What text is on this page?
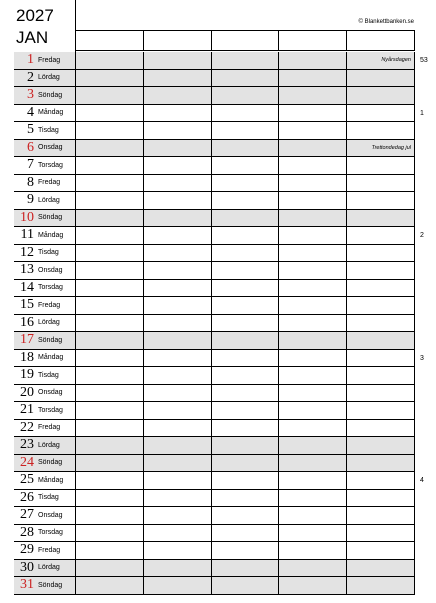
2027
JAN
© Blankettbanken.se
1 Fredag	Nyårsdagen
2 Lördag
3 Söndag
4 Måndag
5 Tisdag
6 Onsdag	Trettondedag jul
7 Torsdag
8 Fredag
9 Lördag
10 Söndag
11 Måndag
12 Tisdag
13 Onsdag
14 Torsdag
15 Fredag
16 Lördag
17 Söndag
18 Måndag
19 Tisdag
20 Onsdag
21 Torsdag
22 Fredag
23 Lördag
24 Söndag
25 Måndag
26 Tisdag
27 Onsdag
28 Torsdag
29 Fredag
30 Lördag
31 Söndag
53
1
2
3
4
